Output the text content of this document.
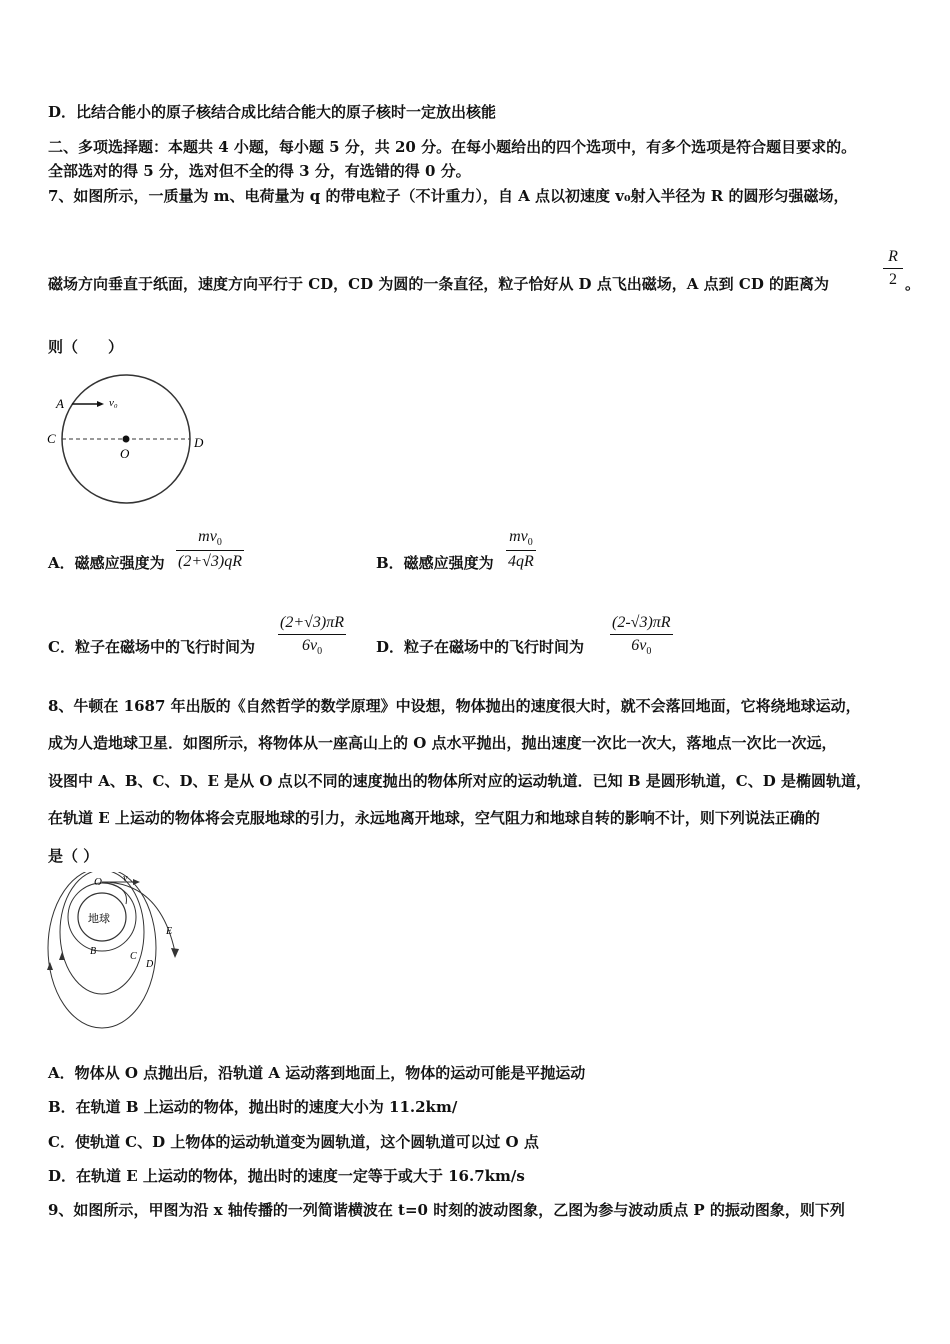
D．比结合能小的原子核结合成比结合能大的原子核时一定放出核能
二、多项选择题：本题共 4 小题，每小题 5 分，共 20 分。在每小题给出的四个选项中，有多个选项是符合题目要求的。
全部选对的得 5 分，选对但不全的得 3 分，有选错的得 0 分。
7、如图所示，一质量为 m、电荷量为 q 的带电粒子（不计重力），自 A 点以初速度 v₀射入半径为 R 的圆形匀强磁场，
磁场方向垂直于纸面，速度方向平行于 CD，CD 为圆的一条直径，粒子恰好从 D 点飞出磁场，A 点到 CD 的距离为
R
2 。
则（　　）
A	v₀
C	D
O
A．磁感应强度为
$mv_0$
(2+√3)qR	B．磁感应强度为
$mv_0$
4qR
C．粒子在磁场中的飞行时间为
(2+√3)πR
$6v_0$	D．粒子在磁场中的飞行时间为
(2-√3)πR
$6v_0$
8、牛顿在 1687 年出版的《自然哲学的数学原理》中设想，物体抛出的速度很大时，就不会落回地面，它将绕地球运动，
成为人造地球卫星．如图所示，将物体从一座高山上的 O 点水平抛出，抛出速度一次比一次大，落地点一次比一次远，
设图中 A、B、C、D、E 是从 O 点以不同的速度抛出的物体所对应的运动轨道．已知 B 是圆形轨道，C、D 是椭圆轨道，
在轨道 E 上运动的物体将会克服地球的引力，永远地离开地球，空气阻力和地球自转的影响不计，则下列说法正确的
是（ ）
O v
地球
B	C
D
E
A．物体从 O 点抛出后，沿轨道 A 运动落到地面上，物体的运动可能是平抛运动
B．在轨道 B 上运动的物体，抛出时的速度大小为 11.2km/
C．使轨道 C、D 上物体的运动轨道变为圆轨道，这个圆轨道可以过 O 点
D．在轨道 E 上运动的物体，抛出时的速度一定等于或大于 16.7km/s
9、如图所示，甲图为沿 x 轴传播的一列简谐横波在 t=0 时刻的波动图象，乙图为参与波动质点 P 的振动图象，则下列
